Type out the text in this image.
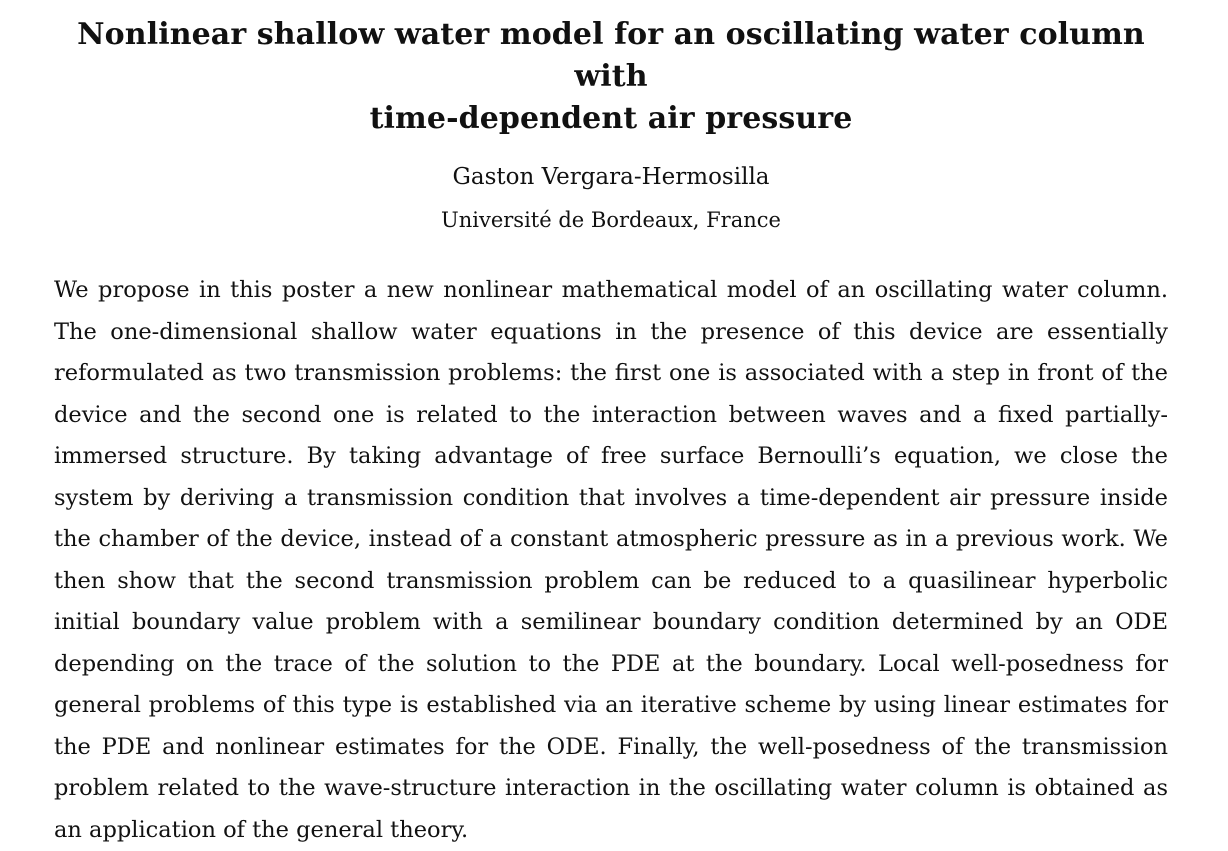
Nonlinear shallow water model for an oscillating water column with
time-dependent air pressure
Gaston Vergara-Hermosilla
Université de Bordeaux, France

We propose in this poster a new nonlinear mathematical model of an oscillating water column. The one-dimensional shallow water equations in the presence of this device are essentially reformulated as two transmission problems: the first one is associated with a step in front of the device and the second one is related to the interaction between waves and a fixed partially-immersed structure. By taking advantage of free surface Bernoulli’s equation, we close the system by deriving a transmission condition that involves a time-dependent air pressure inside the chamber of the device, instead of a constant atmospheric pressure as in a previous work. We then show that the second transmission problem can be reduced to a quasilinear hyperbolic initial boundary value problem with a semilinear boundary condition determined by an ODE depending on the trace of the solution to the PDE at the boundary. Local well-posedness for general problems of this type is established via an iterative scheme by using linear estimates for the PDE and nonlinear estimates for the ODE. Finally, the well-posedness of the transmission problem related to the wave-structure interaction in the oscillating water column is obtained as an application of the general theory.
